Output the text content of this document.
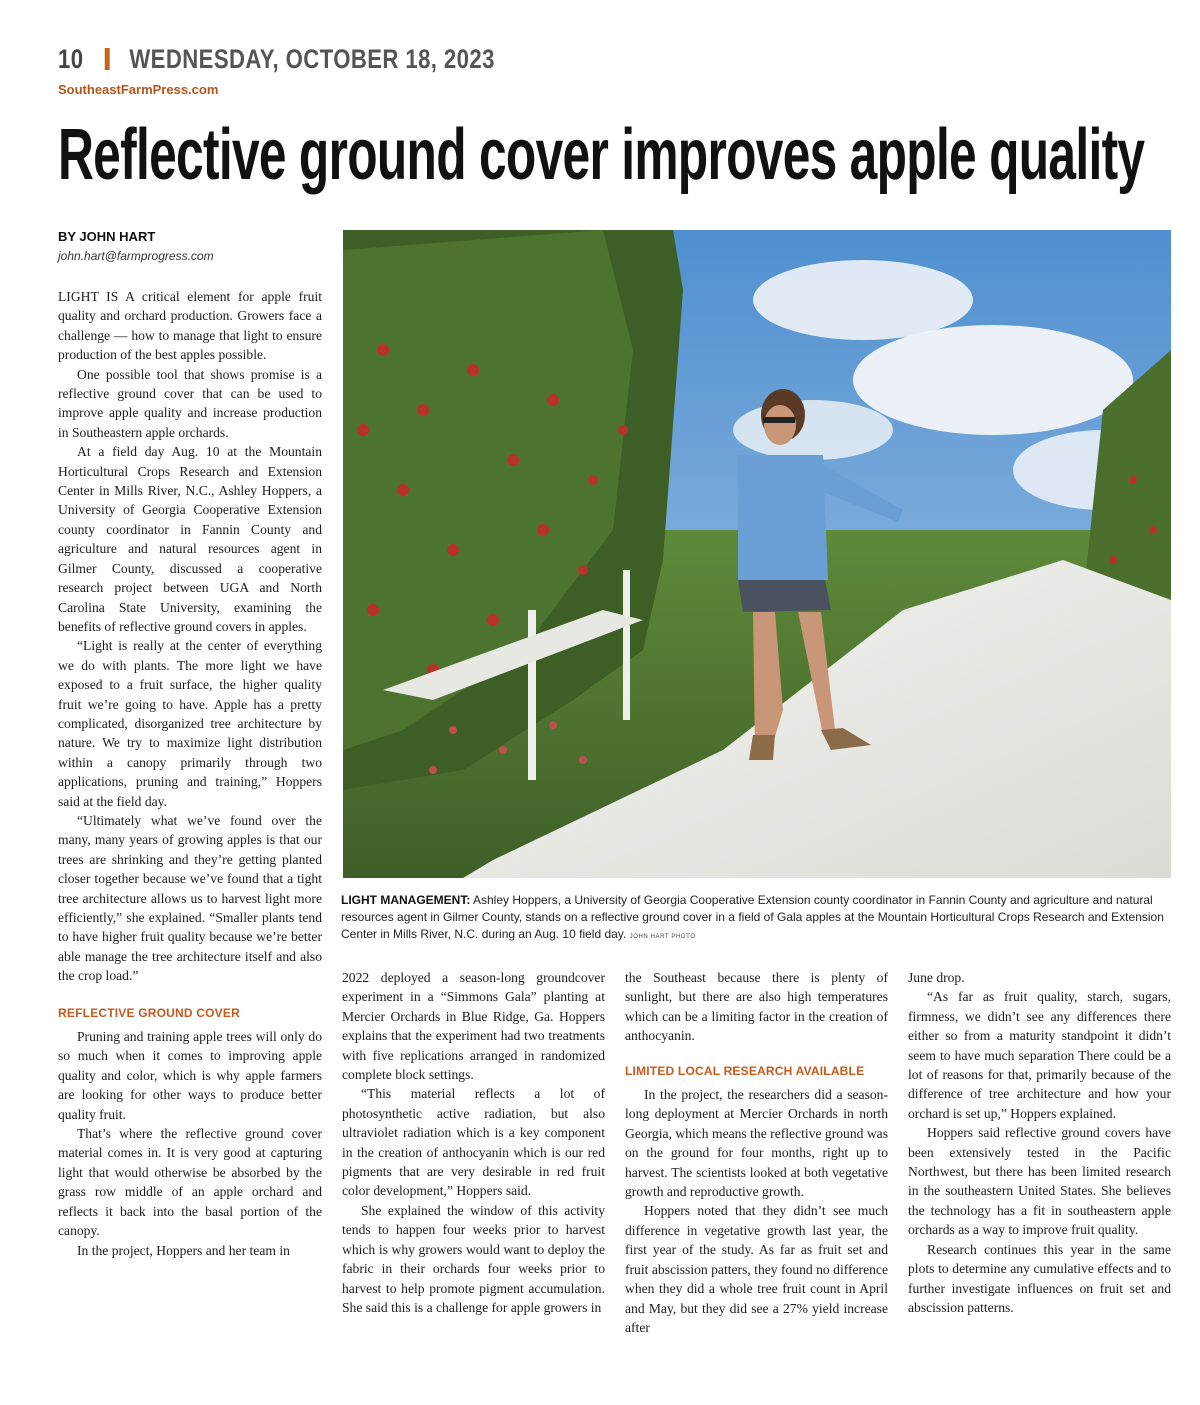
10 WEDNESDAY, OCTOBER 18, 2023
SoutheastFarmPress.com
Reflective ground cover improves apple quality
BY JOHN HART
john.hart@farmprogress.com

LIGHT IS A critical element for apple fruit quality and orchard production. Growers face a challenge — how to manage that light to ensure production of the best apples possible.

One possible tool that shows promise is a reflective ground cover that can be used to improve apple quality and increase production in Southeastern apple orchards.

At a field day Aug. 10 at the Mountain Horticultural Crops Research and Extension Center in Mills River, N.C., Ashley Hoppers, a University of Georgia Cooperative Extension county coordinator in Fannin County and agriculture and natural resources agent in Gilmer County, discussed a cooperative research project between UGA and North Carolina State University, examining the benefits of reflective ground covers in apples.

“Light is really at the center of everything we do with plants. The more light we have exposed to a fruit surface, the higher quality fruit we’re going to have. Apple has a pretty complicated, disorganized tree architecture by nature. We try to maximize light distribution within a canopy primarily through two applications, pruning and training,” Hoppers said at the field day.

“Ultimately what we’ve found over the many, many years of growing apples is that our trees are shrinking and they’re getting planted closer together because we’ve found that a tight tree architecture allows us to harvest light more efficiently,” she explained. “Smaller plants tend to have higher fruit quality because we’re better able manage the tree architecture itself and also the crop load.”

REFLECTIVE GROUND COVER

Pruning and training apple trees will only do so much when it comes to improving apple quality and color, which is why apple farmers are looking for other ways to produce better quality fruit.

That’s where the reflective ground cover material comes in. It is very good at capturing light that would otherwise be absorbed by the grass row middle of an apple orchard and reflects it back into the basal portion of the canopy.

In the project, Hoppers and her team in

LIGHT MANAGEMENT: Ashley Hoppers, a University of Georgia Cooperative Extension county coordinator in Fannin County and agriculture and natural resources agent in Gilmer County, stands on a reflective ground cover in a field of Gala apples at the Mountain Horticultural Crops Research and Extension Center in Mills River, N.C. during an Aug. 10 field day. JOHN HART PHOTO

2022 deployed a season-long groundcover experiment in a “Simmons Gala” planting at Mercier Orchards in Blue Ridge, Ga. Hoppers explains that the experiment had two treatments with five replications arranged in randomized complete block settings.

“This material reflects a lot of photosynthetic active radiation, but also ultraviolet radiation which is a key component in the creation of anthocyanin which is our red pigments that are very desirable in red fruit color development,” Hoppers said.

She explained the window of this activity tends to happen four weeks prior to harvest which is why growers would want to deploy the fabric in their orchards four weeks prior to harvest to help promote pigment accumulation. She said this is a challenge for apple growers in

the Southeast because there is plenty of sunlight, but there are also high temperatures which can be a limiting factor in the creation of anthocyanin.

LIMITED LOCAL RESEARCH AVAILABLE

In the project, the researchers did a season-long deployment at Mercier Orchards in north Georgia, which means the reflective ground was on the ground for four months, right up to harvest. The scientists looked at both vegetative growth and reproductive growth.

Hoppers noted that they didn’t see much difference in vegetative growth last year, the first year of the study. As far as fruit set and fruit abscission patters, they found no difference when they did a whole tree fruit count in April and May, but they did see a 27% yield increase after

June drop.

“As far as fruit quality, starch, sugars, firmness, we didn’t see any differences there either so from a maturity standpoint it didn’t seem to have much separation There could be a lot of reasons for that, primarily because of the difference of tree architecture and how your orchard is set up,” Hoppers explained.

Hoppers said reflective ground covers have been extensively tested in the Pacific Northwest, but there has been limited research in the southeastern United States. She believes the technology has a fit in southeastern apple orchards as a way to improve fruit quality.

Research continues this year in the same plots to determine any cumulative effects and to further investigate influences on fruit set and abscission patterns.
